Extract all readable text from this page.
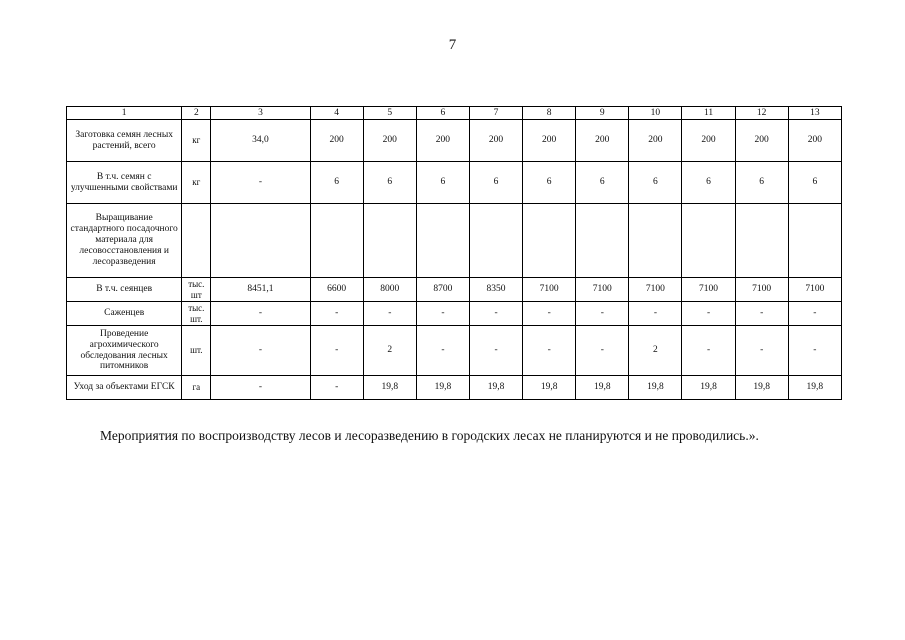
7
1	2	3	4	5	6	7	8	9	10	11	12	13
Заготовка семян лесных растений, всего	кг	34,0	200	200	200	200	200	200	200	200	200	200
В т.ч. семян с улучшенными свойствами	кг	-	6	6	6	6	6	6	6	6	6	6
Выращивание стандартного посадочного материала для лесовосстановления и лесоразведения												
В т.ч. сеянцев	тыс. шт	8451,1	6600	8000	8700	8350	7100	7100	7100	7100	7100	7100
Саженцев	тыс. шт.	-	-	-	-	-	-	-	-	-	-	-
Проведение агрохимического обследования лесных питомников	шт.	-	-	2	-	-	-	-	2	-	-	-
Уход за объектами ЕГСК	га	-	-	19,8	19,8	19,8	19,8	19,8	19,8	19,8	19,8	19,8
Мероприятия по воспроизводству лесов и лесоразведению в городских лесах не планируются и не проводились.».
